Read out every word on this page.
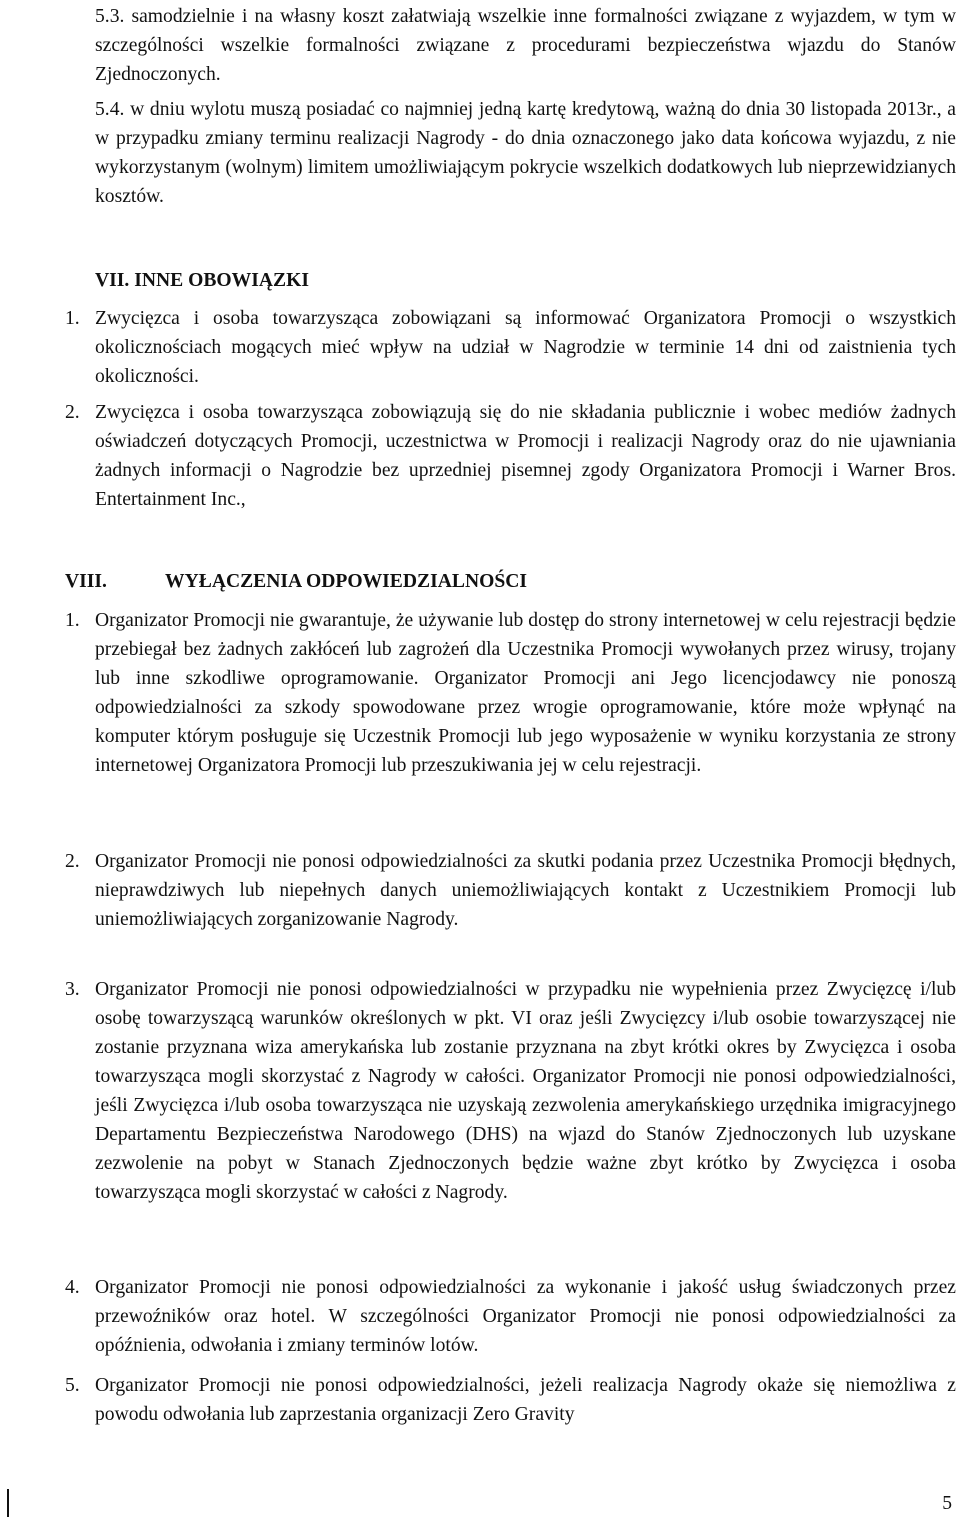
5.3. samodzielnie i na własny koszt załatwiają wszelkie inne formalności związane z wyjazdem, w tym w szczególności wszelkie formalności związane z procedurami bezpieczeństwa wjazdu do Stanów Zjednoczonych.

5.4. w dniu wylotu muszą posiadać co najmniej jedną kartę kredytową, ważną do dnia 30 listopada 2013r., a w przypadku zmiany terminu realizacji Nagrody - do dnia oznaczonego jako data końcowa wyjazdu, z nie wykorzystanym (wolnym) limitem umożliwiającym pokrycie wszelkich dodatkowych lub nieprzewidzianych kosztów.

VII. INNE OBOWIĄZKI
1. Zwycięzca i osoba towarzysząca zobowiązani są informować Organizatora Promocji o wszystkich okolicznościach mogących mieć wpływ na udział w Nagrodzie w terminie 14 dni od zaistnienia tych okoliczności.
2. Zwycięzca i osoba towarzysząca zobowiązują się do nie składania publicznie i wobec mediów żadnych oświadczeń dotyczących Promocji, uczestnictwa w Promocji i realizacji Nagrody oraz do nie ujawniania żadnych informacji o Nagrodzie bez uprzedniej pisemnej zgody Organizatora Promocji i Warner Bros. Entertainment Inc.,
VIII.	WYŁĄCZENIA ODPOWIEDZIALNOŚCI
1. Organizator Promocji nie gwarantuje, że używanie lub dostęp do strony internetowej w celu rejestracji będzie przebiegał bez żadnych zakłóceń lub zagrożeń dla Uczestnika Promocji wywołanych przez wirusy, trojany lub inne szkodliwe oprogramowanie. Organizator Promocji ani Jego licencjodawcy nie ponoszą odpowiedzialności za szkody spowodowane przez wrogie oprogramowanie, które może wpłynąć na komputer którym posługuje się Uczestnik Promocji lub jego wyposażenie w wyniku korzystania ze strony internetowej Organizatora Promocji lub przeszukiwania jej w celu rejestracji.
2. Organizator Promocji nie ponosi odpowiedzialności za skutki podania przez Uczestnika Promocji błędnych, nieprawdziwych lub niepełnych danych uniemożliwiających kontakt z Uczestnikiem Promocji lub uniemożliwiających zorganizowanie Nagrody.
3. Organizator Promocji nie ponosi odpowiedzialności w przypadku nie wypełnienia przez Zwycięzcę i/lub osobę towarzyszącą warunków określonych w pkt. VI oraz jeśli Zwycięzcy i/lub osobie towarzyszącej nie zostanie przyznana wiza amerykańska lub zostanie przyznana na zbyt krótki okres by Zwycięzca i osoba towarzysząca mogli skorzystać z Nagrody w całości. Organizator Promocji nie ponosi odpowiedzialności, jeśli Zwycięzca i/lub osoba towarzysząca nie uzyskają zezwolenia amerykańskiego urzędnika imigracyjnego Departamentu Bezpieczeństwa Narodowego (DHS) na wjazd do Stanów Zjednoczonych lub uzyskane zezwolenie na pobyt w Stanach Zjednoczonych będzie ważne zbyt krótko by Zwycięzca i osoba towarzysząca mogli skorzystać w całości z Nagrody.
4. Organizator Promocji nie ponosi odpowiedzialności za wykonanie i jakość usług świadczonych przez przewoźników oraz hotel. W szczególności Organizator Promocji nie ponosi odpowiedzialności za opóźnienia, odwołania i zmiany terminów lotów.
5. Organizator Promocji nie ponosi odpowiedzialności, jeżeli realizacja Nagrody okaże się niemożliwa z powodu odwołania lub zaprzestania organizacji Zero Gravity
5
